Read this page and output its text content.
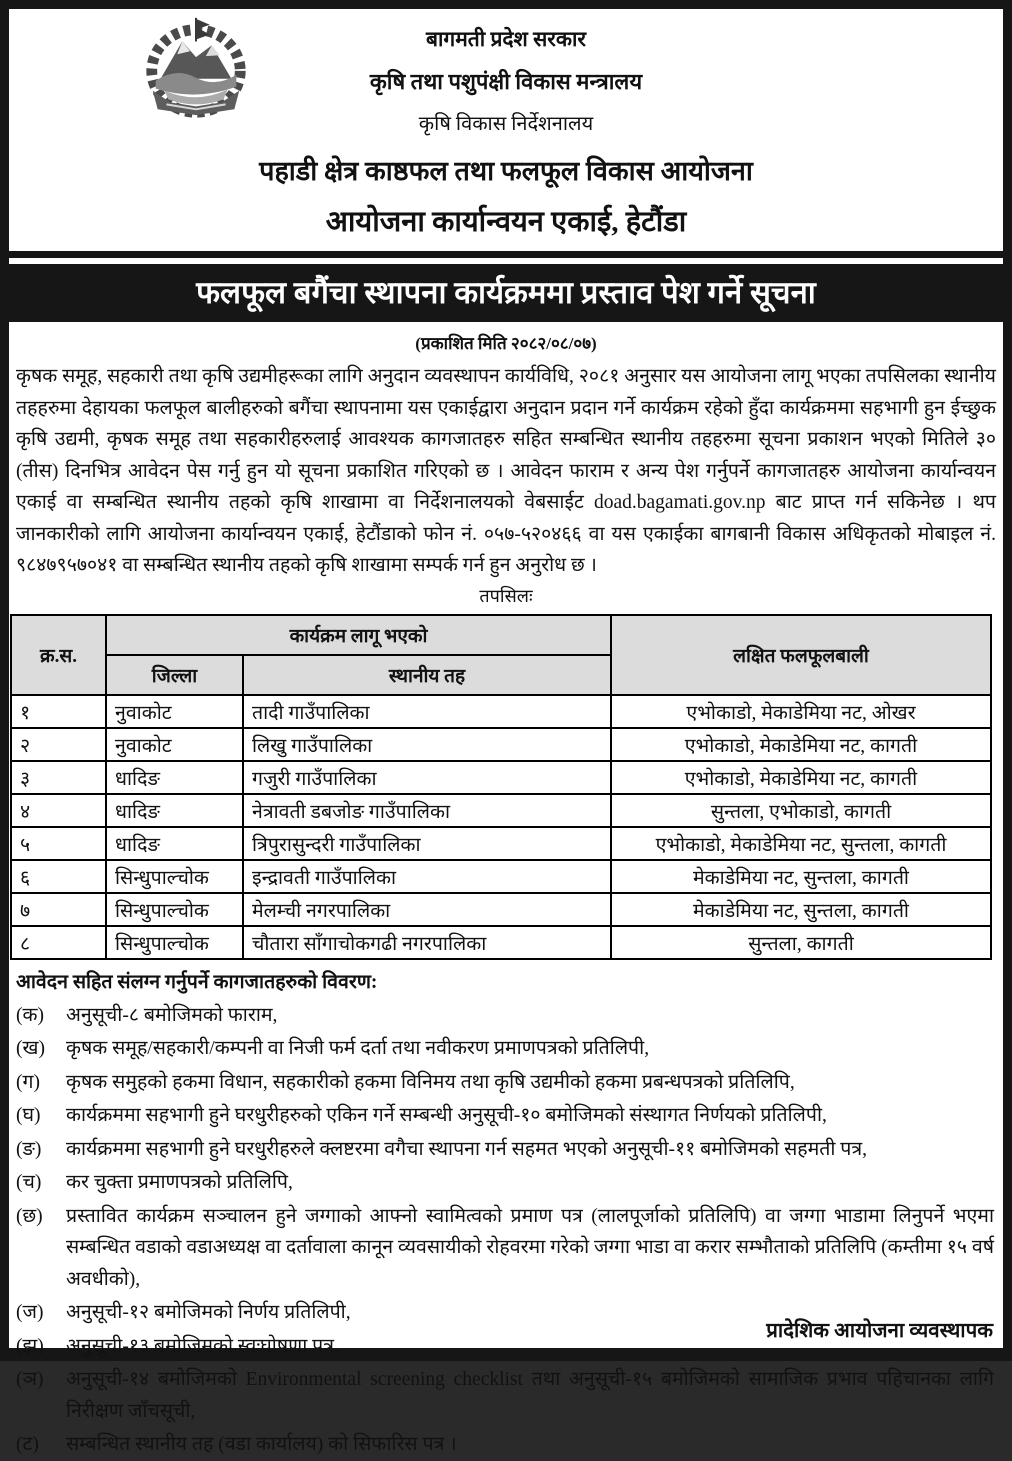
बागमती प्रदेश सरकार
कृषि तथा पशुपंक्षी विकास मन्त्रालय
कृषि विकास निर्देशनालय
पहाडी क्षेत्र काष्ठफल तथा फलफूल विकास आयोजना
आयोजना कार्यान्वयन एकाई, हेटौंडा
फलफूल बगैंचा स्थापना कार्यक्रममा प्रस्ताव पेश गर्ने सूचना
(प्रकाशित मिति २०८२/०८/०७)
कृषक समूह, सहकारी तथा कृषि उद्यमीहरूका लागि अनुदान व्यवस्थापन कार्यविधि, २०८१ अनुसार यस आयोजना लागू भएका तपसिलका स्थानीय तहहरुमा देहायका फलफूल बालीहरुको बगैंचा स्थापनामा यस एकाईद्वारा अनुदान प्रदान गर्ने कार्यक्रम रहेको हुँदा कार्यक्रममा सहभागी हुन ईच्छुक कृषि उद्यमी, कृषक समूह तथा सहकारीहरुलाई आवश्यक कागजातहरु सहित सम्बन्धित स्थानीय तहहरुमा सूचना प्रकाशन भएको मितिले ३० (तीस) दिनभित्र आवेदन पेस गर्नु हुन यो सूचना प्रकाशित गरिएको छ । आवेदन फाराम र अन्य पेश गर्नुपर्ने कागजातहरु आयोजना कार्यान्वयन एकाई वा सम्बन्धित स्थानीय तहको कृषि शाखामा वा निर्देशनालयको वेबसाईट doad.bagamati.gov.np बाट प्राप्त गर्न सकिनेछ । थप जानकारीको लागि आयोजना कार्यान्वयन एकाई, हेटौंडाको फोन नं. ०५७-५२०४६६ वा यस एकाईका बागबानी विकास अधिकृतको मोबाइल नं. ९८४७९५७०४१ वा सम्बन्धित स्थानीय तहको कृषि शाखामा सम्पर्क गर्न हुन अनुरोध छ ।
तपसिलः
क्र.स.	कार्यक्रम लागू भएको		लक्षित फलफूलबाली
	जिल्ला	स्थानीय तह	
१	नुवाकोट	तादी गाउँपालिका	एभोकाडो, मेकाडेमिया नट, ओखर
२	नुवाकोट	लिखु गाउँपालिका	एभोकाडो, मेकाडेमिया नट, कागती
३	धादिङ	गजुरी गाउँपालिका	एभोकाडो, मेकाडेमिया नट, कागती
४	धादिङ	नेत्रावती डबजोङ गाउँपालिका	सुन्तला, एभोकाडो, कागती
५	धादिङ	त्रिपुरासुन्दरी गाउँपालिका	एभोकाडो, मेकाडेमिया नट, सुन्तला, कागती
६	सिन्धुपाल्चोक	इन्द्रावती गाउँपालिका	मेकाडेमिया नट, सुन्तला, कागती
७	सिन्धुपाल्चोक	मेलम्ची नगरपालिका	मेकाडेमिया नट, सुन्तला, कागती
८	सिन्धुपाल्चोक	चौतारा साँगाचोकगढी नगरपालिका	सुन्तला, कागती
आवेदन सहित संलग्न गर्नुपर्ने कागजातहरुको विवरण:
(क)	अनुसूची-८ बमोजिमको फाराम,
(ख)	कृषक समूह/सहकारी/कम्पनी वा निजी फर्म दर्ता तथा नवीकरण प्रमाणपत्रको प्रतिलिपी,
(ग)	कृषक समुहको हकमा विधान, सहकारीको हकमा विनिमय तथा कृषि उद्यमीको हकमा प्रबन्धपत्रको प्रतिलिपि,
(घ)	कार्यक्रममा सहभागी हुने घरधुरीहरुको एकिन गर्ने सम्बन्धी अनुसूची-१० बमोजिमको संस्थागत निर्णयको प्रतिलिपी,
(ङ)	कार्यक्रममा सहभागी हुने घरधुरीहरुले क्लष्टरमा वगैचा स्थापना गर्न सहमत भएको अनुसूची-११ बमोजिमको सहमती पत्र,
(च)	कर चुक्ता प्रमाणपत्रको प्रतिलिपि,
(छ)	प्रस्तावित कार्यक्रम सञ्चालन हुने जग्गाको आफ्नो स्वामित्वको प्रमाण पत्र (लालपूर्जाको प्रतिलिपि) वा जग्गा भाडामा लिनुपर्ने भएमा सम्बन्धित वडाको वडाअध्यक्ष वा दर्तावाला कानून व्यवसायीको रोहवरमा गरेको जग्गा भाडा वा करार सम्भौताको प्रतिलिपि (कम्तीमा १५ वर्ष अवधीको),
(ज)	अनुसूची-१२ बमोजिमको निर्णय प्रतिलिपी,
(झ)	अनुसूची-१३ बमोजिमको स्वःघोषणा पत्र,
(ञ)	अनुसूची-१४ बमोजिमको Environmental screening checklist तथा अनुसूची-१५ बमोजिमको सामाजिक प्रभाव पहिचानका लागि निरीक्षण जाँचसूची,
(ट)	सम्बन्धित स्थानीय तह (वडा कार्यालय) को सिफारिस पत्र ।
प्रादेशिक आयोजना व्यवस्थापक
